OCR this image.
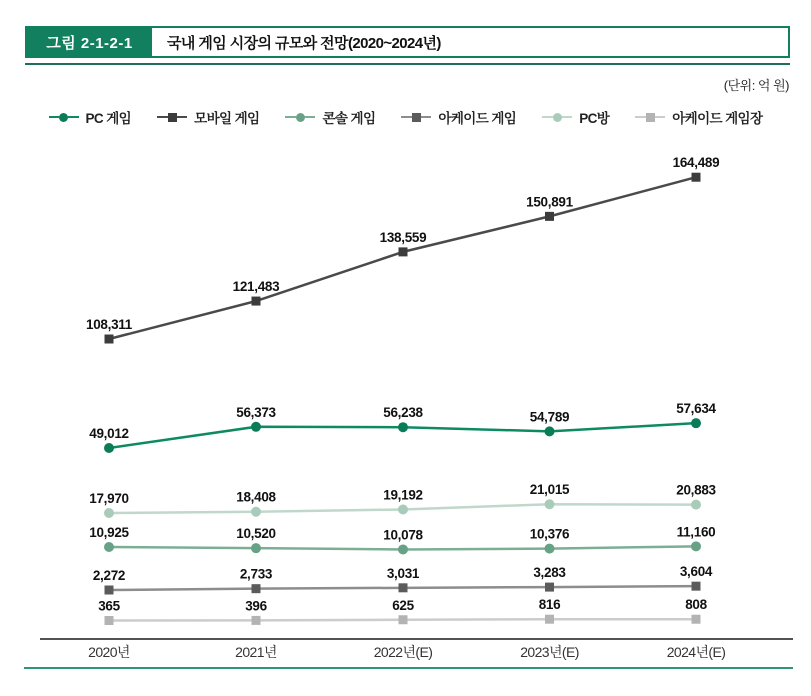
그림 2-1-2-1	국내 게임 시장의 규모와 전망(2020~2024년)
(단위: 억 원)
PC 게임	모바일 게임	콘솔 게임	아케이드 게임	PC방	아케이드 게임장
49,012
56,373	56,238	54,789
57,634
108,311
121,483
138,559
150,891
164,489
10,925	10,520	10,078	10,376	11,160
2,272	2,733	3,031	3,283	3,604
17,970	18,408	19,192	21,015	20,883
365	396	625	816	808
2020년	2021년	2022년(E)	2023년(E)	2024년(E)
